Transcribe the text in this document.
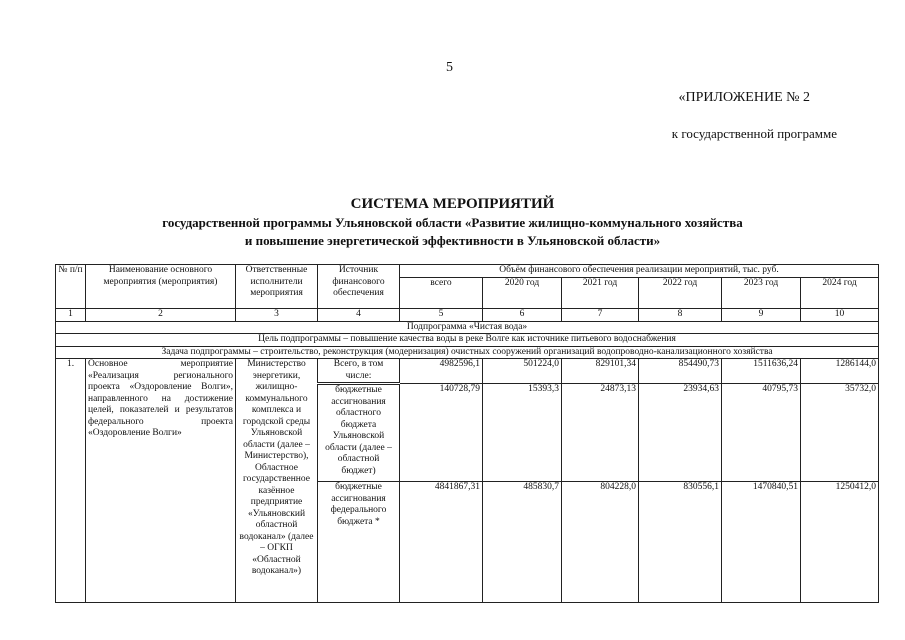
5
«ПРИЛОЖЕНИЕ № 2
к государственной программе
СИСТЕМА МЕРОПРИЯТИЙ
государственной программы Ульяновской области «Развитие жилищно-коммунального хозяйства
и повышение энергетической эффективности в Ульяновской области»
№ п/п	Наименование основного мероприятия (мероприятия)	Ответственные исполнители мероприятия	Источник финансового обеспечения	Объём финансового обеспечения реализации мероприятий, тыс. руб.					
				всего	2020 год	2021 год	2022 год	2023 год	2024 год
1	2	3	4	5	6	7	8	9	10
Подпрограмма «Чистая вода»									
Цель подпрограммы – повышение качества воды в реке Волге как источнике питьевого водоснабжения									
Задача подпрограммы – строительство, реконструкция (модернизация) очистных сооружений организаций водопроводно-канализационного хозяйства									
1.	Основное мероприятие «Реализация регионального проекта «Оздоровление Волги», направленного на достижение целей, показателей и результатов федерального проекта «Оздоровление Волги»	Министерство энергетики, жилищно-коммунального комплекса и городской среды Ульяновской области (далее – Министерство), Областное государственное казённое предприятие «Ульяновский областной водоканал» (далее – ОГКП «Областной водоканал»)	Всего, в том числе:	4982596,1	501224,0	829101,34	854490,73	1511636,24	1286144,0
			бюджетные ассигнования областного бюджета Ульяновской области (далее – областной бюджет)	140728,79	15393,3	24873,13	23934,63	40795,73	35732,0
			бюджетные ассигнования федерального бюджета *	4841867,31	485830,7	804228,0	830556,1	1470840,51	1250412,0
